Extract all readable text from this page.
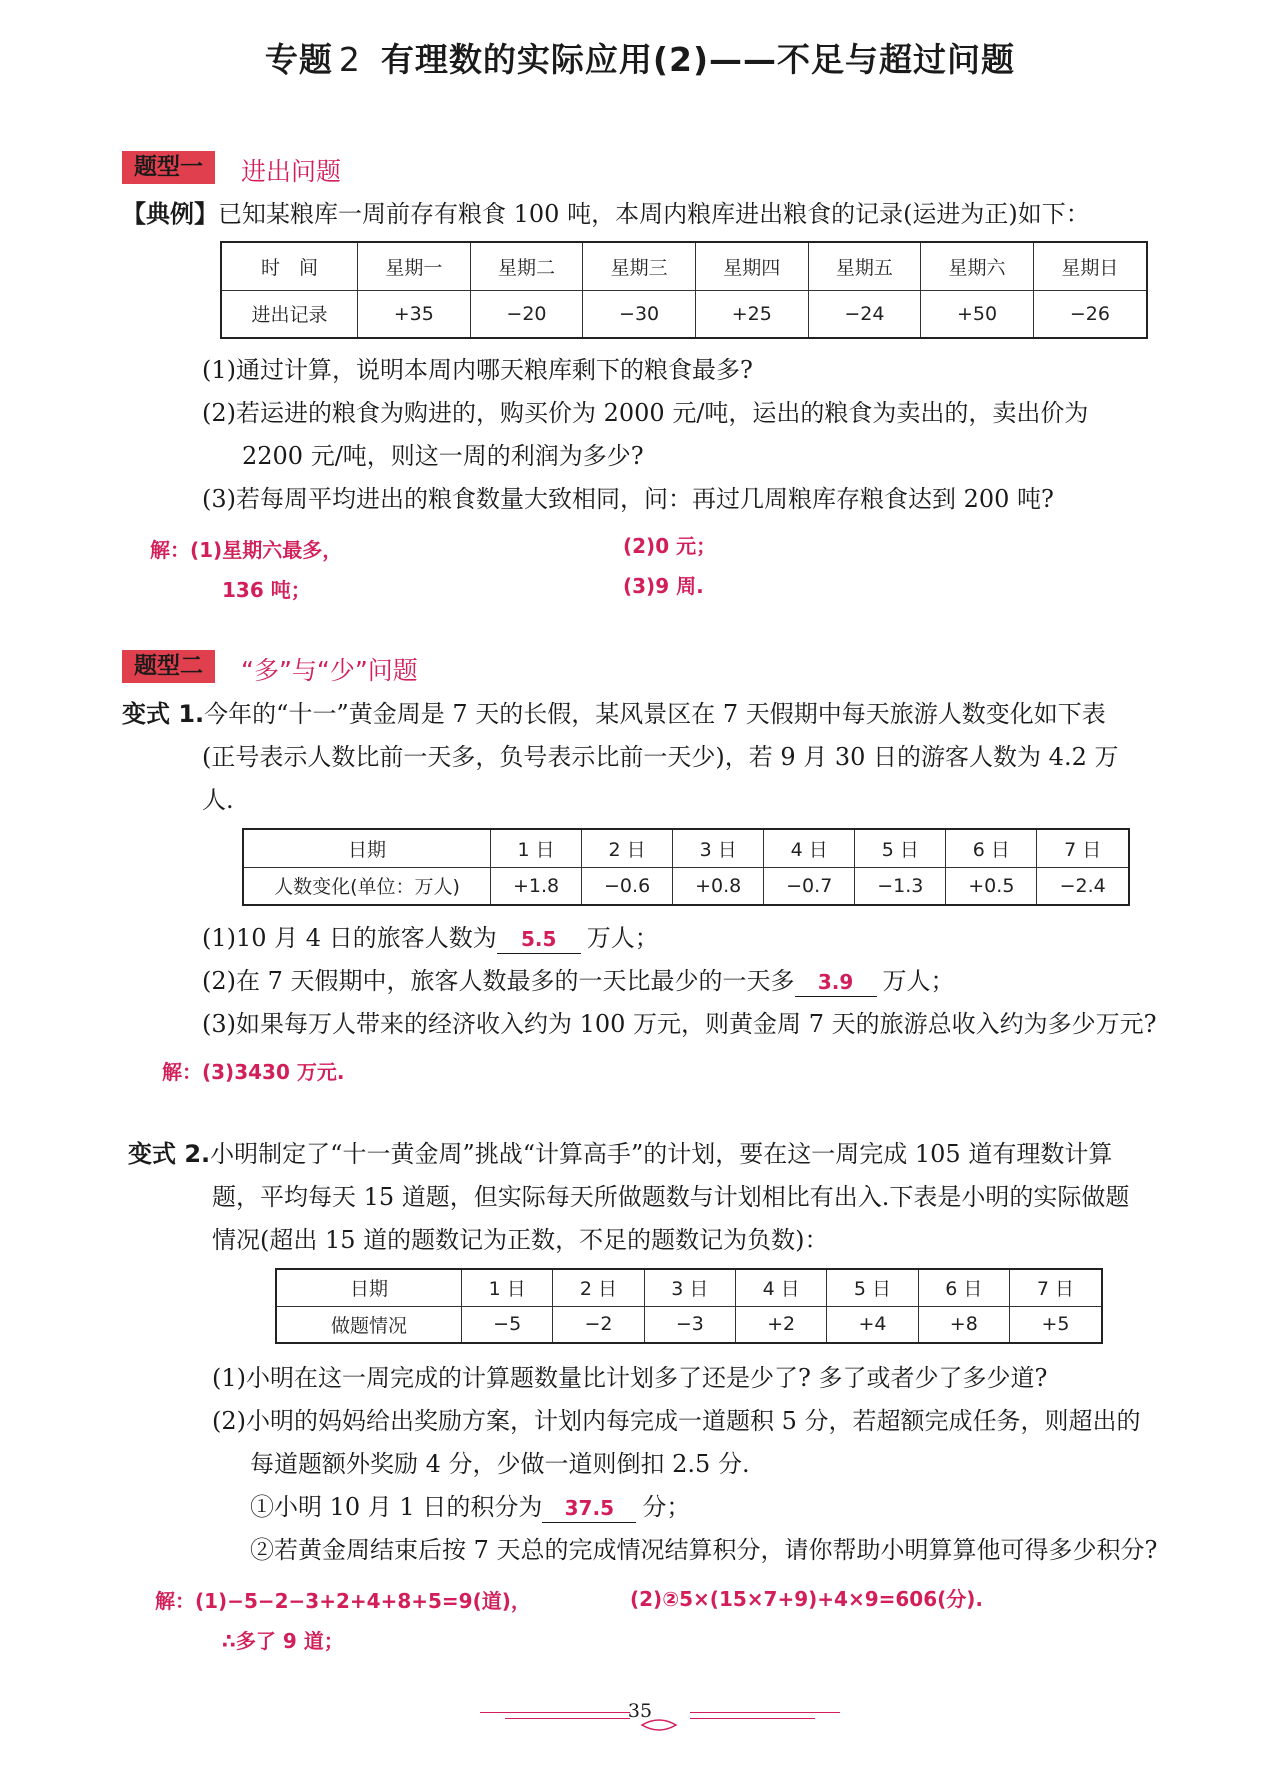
专题 2 有理数的实际应用(2)——不足与超过问题
题型一 进出问题
【典例】已知某粮库一周前存有粮食 100 吨，本周内粮库进出粮食的记录(运进为正)如下：
时　间	星期一	星期二	星期三	星期四	星期五	星期六	星期日
进出记录	+35	−20	−30	+25	−24	+50	−26
(1)通过计算，说明本周内哪天粮库剩下的粮食最多?
(2)若运进的粮食为购进的，购买价为 2000 元/吨，运出的粮食为卖出的，卖出价为
2200 元/吨，则这一周的利润为多少?
(3)若每周平均进出的粮食数量大致相同，问：再过几周粮库存粮食达到 200 吨?
解：(1)星期六最多，
136 吨；
(2)0 元；
(3)9 周.
题型二 “多”与“少”问题
变式 1.今年的“十一”黄金周是 7 天的长假，某风景区在 7 天假期中每天旅游人数变化如下表
(正号表示人数比前一天多，负号表示比前一天少)，若 9 月 30 日的游客人数为 4.2 万
人.
日期	1 日	2 日	3 日	4 日	5 日	6 日	7 日
人数变化(单位：万人)	+1.8	−0.6	+0.8	−0.7	−1.3	+0.5	−2.4
(1)10 月 4 日的旅客人数为 5.5 万人；
(2)在 7 天假期中，旅客人数最多的一天比最少的一天多 3.9 万人；
(3)如果每万人带来的经济收入约为 100 万元，则黄金周 7 天的旅游总收入约为多少万元?
解：(3)3430 万元.
变式 2.小明制定了“十一黄金周”挑战“计算高手”的计划，要在这一周完成 105 道有理数计算
题，平均每天 15 道题，但实际每天所做题数与计划相比有出入.下表是小明的实际做题
情况(超出 15 道的题数记为正数，不足的题数记为负数)：
日期	1 日	2 日	3 日	4 日	5 日	6 日	7 日
做题情况	−5	−2	−3	+2	+4	+8	+5
(1)小明在这一周完成的计算题数量比计划多了还是少了? 多了或者少了多少道?
(2)小明的妈妈给出奖励方案，计划内每完成一道题积 5 分，若超额完成任务，则超出的
每道题额外奖励 4 分，少做一道则倒扣 2.5 分.
①小明 10 月 1 日的积分为 37.5 分；
②若黄金周结束后按 7 天总的完成情况结算积分，请你帮助小明算算他可得多少积分?
解：(1)−5−2−3+2+4+8+5=9(道)，
∴多了 9 道；
(2)②5×(15×7+9)+4×9=606(分).
35
